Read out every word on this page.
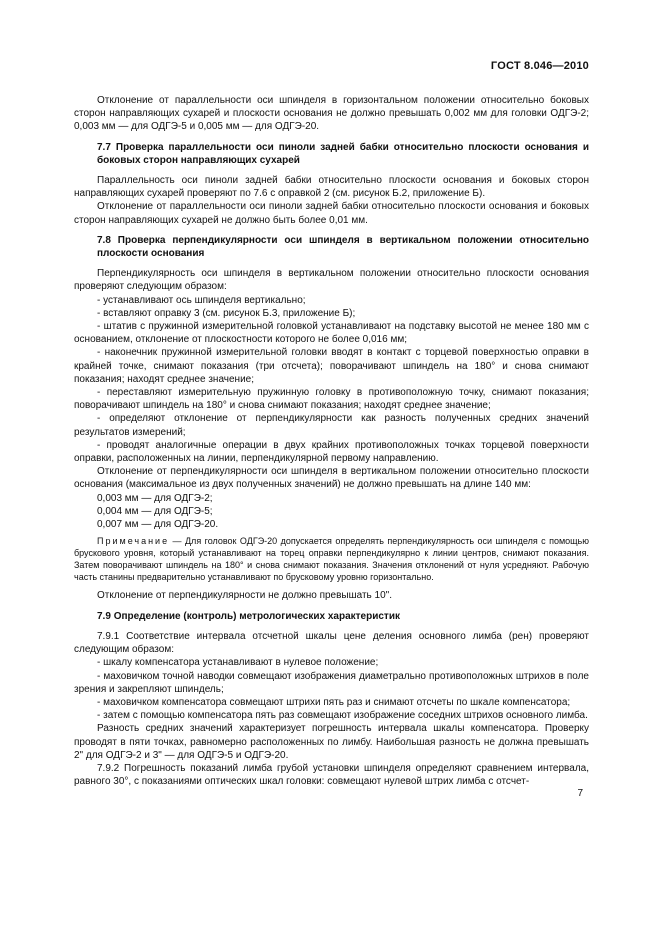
ГОСТ 8.046—2010

Отклонение от параллельности оси шпинделя в горизонтальном положении относительно боковых сторон направляющих сухарей и плоскости основания не должно превышать 0,002 мм для головки ОДГЭ-2; 0,003 мм — для ОДГЭ-5 и 0,005 мм — для ОДГЭ-20.

7.7 Проверка параллельности оси пиноли задней бабки относительно плоскости основания и боковых сторон направляющих сухарей

Параллельность оси пиноли задней бабки относительно плоскости основания и боковых сторон направляющих сухарей проверяют по 7.6 с оправкой 2 (см. рисунок Б.2, приложение Б).

Отклонение от параллельности оси пиноли задней бабки относительно плоскости основания и боковых сторон направляющих сухарей не должно быть более 0,01 мм.

7.8 Проверка перпендикулярности оси шпинделя в вертикальном положении относительно плоскости основания

Перпендикулярность оси шпинделя в вертикальном положении относительно плоскости основания проверяют следующим образом:

- устанавливают ось шпинделя вертикально;

- вставляют оправку 3 (см. рисунок Б.3, приложение Б);

- штатив с пружинной измерительной головкой устанавливают на подставку высотой не менее 180 мм с основанием, отклонение от плоскостности которого не более 0,016 мм;

- наконечник пружинной измерительной головки вводят в контакт с торцевой поверхностью оправки в крайней точке, снимают показания (три отсчета); поворачивают шпиндель на 180° и снова снимают показания; находят среднее значение;

- переставляют измерительную пружинную головку в противоположную точку, снимают показания; поворачивают шпиндель на 180° и снова снимают показания; находят среднее значение;

- определяют отклонение от перпендикулярности как разность полученных средних значений результатов измерений;

- проводят аналогичные операции в двух крайних противоположных точках торцевой поверхности оправки, расположенных на линии, перпендикулярной первому направлению.

Отклонение от перпендикулярности оси шпинделя в вертикальном положении относительно плоскости основания (максимальное из двух полученных значений) не должно превышать на длине 140 мм:

0,003 мм — для ОДГЭ-2;

0,004 мм — для ОДГЭ-5;

0,007 мм — для ОДГЭ-20.

Примечание — Для головок ОДГЭ-20 допускается определять перпендикулярность оси шпинделя с помощью брускового уровня, который устанавливают на торец оправки перпендикулярно к линии центров, снимают показания. Затем поворачивают шпиндель на 180° и снова снимают показания. Значения отклонений от нуля усредняют. Рабочую часть станины предварительно устанавливают по брусковому уровню горизонтально.

Отклонение от перпендикулярности не должно превышать 10".

7.9 Определение (контроль) метрологических характеристик

7.9.1 Соответствие интервала отсчетной шкалы цене деления основного лимба (рен) проверяют следующим образом:

- шкалу компенсатора устанавливают в нулевое положение;

- маховичком точной наводки совмещают изображения диаметрально противоположных штрихов в поле зрения и закрепляют шпиндель;

- маховичком компенсатора совмещают штрихи пять раз и снимают отсчеты по шкале компенсатора;

- затем с помощью компенсатора пять раз совмещают изображение соседних штрихов основного лимба.

Разность средних значений характеризует погрешность интервала шкалы компенсатора. Проверку проводят в пяти точках, равномерно расположенных по лимбу. Наибольшая разность не должна превышать 2" для ОДГЭ-2 и 3" — для ОДГЭ-5 и ОДГЭ-20.

7.9.2 Погрешность показаний лимба грубой установки шпинделя определяют сравнением интервала, равного 30°, с показаниями оптических шкал головки: совмещают нулевой штрих лимба с отсчет-

7
